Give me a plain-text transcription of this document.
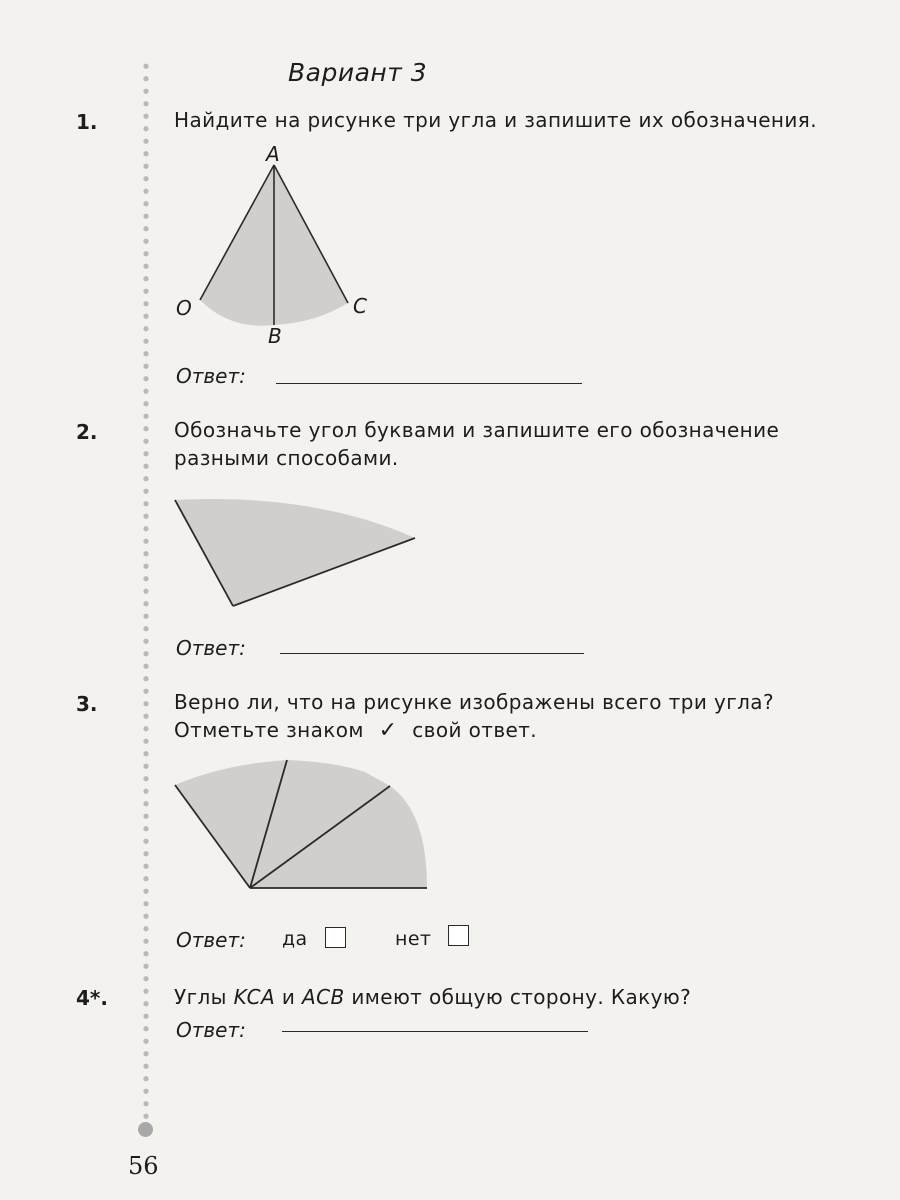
Вариант 3
1.	Найдите на рисунке три угла и запишите их обозначения.
A
O	C
B
Ответ:
2.	Обозначьте угол буквами и запишите его обозначение
разными способами.
Ответ:
3.	Верно ли, что на рисунке изображены всего три угла?
Отметьте знаком ✓ свой ответ.
Ответ: да	нет
4*.	Углы KCA и ACB имеют общую сторону. Какую?
Ответ:
56
